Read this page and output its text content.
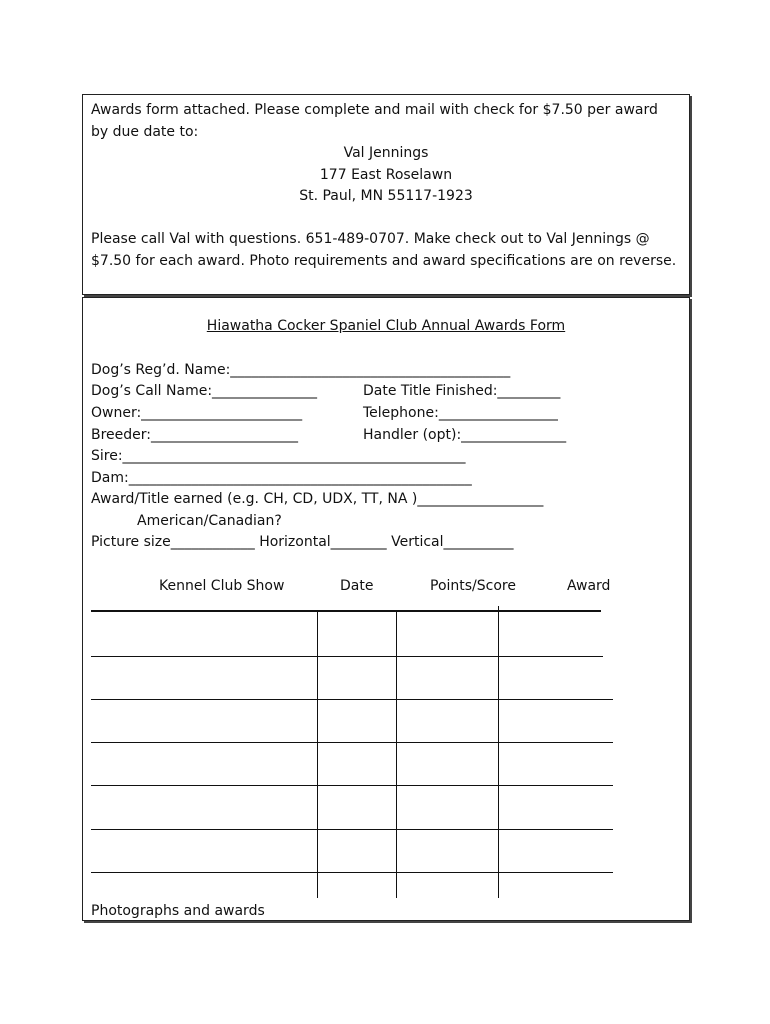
Awards form attached. Please complete and mail with check for $7.50 per award
by due date to:
Val Jennings
177 East Roselawn
St. Paul, MN 55117-1923
Please call Val with questions. 651-489-0707. Make check out to Val Jennings @
$7.50 for each award. Photo requirements and award specifications are on reverse.
Hiawatha Cocker Spaniel Club Annual Awards Form
Dog’s Reg’d. Name:________________________________________
Dog’s Call Name:_______________	Date Title Finished:_________
Owner:_______________________	Telephone:_________________
Breeder:_____________________	Handler (opt):_______________
Sire:_________________________________________________
Dam:_________________________________________________
Award/Title earned (e.g. CH, CD, UDX, TT, NA )__________________
American/Canadian?
Picture size____________ Horizontal________ Vertical__________
Kennel Club Show	Date	Points/Score	Award
Photographs and awards
